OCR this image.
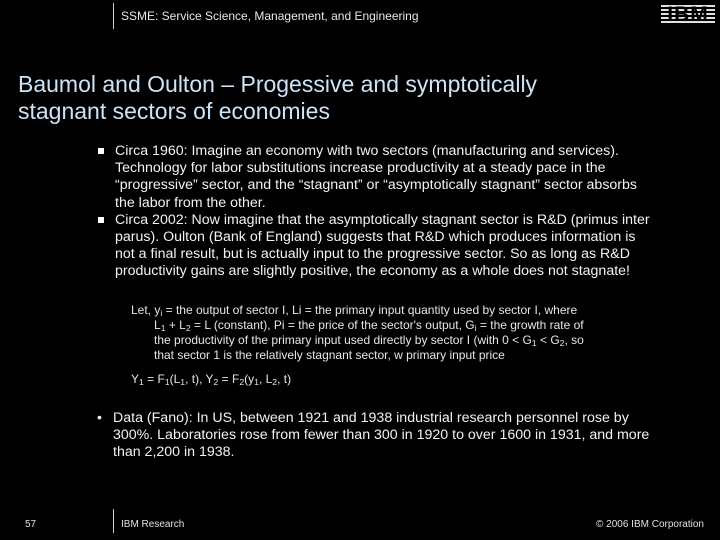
SSME: Service Science, Management, and Engineering	IBM
Baumol and Oulton – Progessive and symptotically
stagnant sectors of economies
Circa 1960: Imagine an economy with two sectors (manufacturing and services). Technology for labor substitutions increase productivity at a steady pace in the “progressive” sector, and the “stagnant” or “asymptotically stagnant” sector absorbs the labor from the other.
Circa 2002: Now imagine that the asymptotically stagnant sector is R&D (primus inter parus). Oulton (Bank of England) suggests that R&D which produces information is not a final result, but is actually input to the progressive sector. So as long as R&D productivity gains are slightly positive, the economy as a whole does not stagnate!

Let, $y_i$ = the output of sector I, Li = the primary input quantity used by sector I, where

$L_1 + L_2 = L$ (constant), Pi = the price of the sector's output, $G_i$ = the growth rate of

the productivity of the primary input used directly by sector I (with $0 < G_1 < G_2$, so

that sector 1 is the relatively stagnant sector, w primary input price

$Y_1 = F_1(L_1$, t), $Y_2 = F_2(y_1$, $L_2$, t)
• Data (Fano): In US, between 1921 and 1938 industrial research personnel rose by 300%. Laboratories rose from fewer than 300 in 1920 to over 1600 in 1931, and more than 2,200 in 1938.
57	IBM Research	© 2006 IBM Corporation
